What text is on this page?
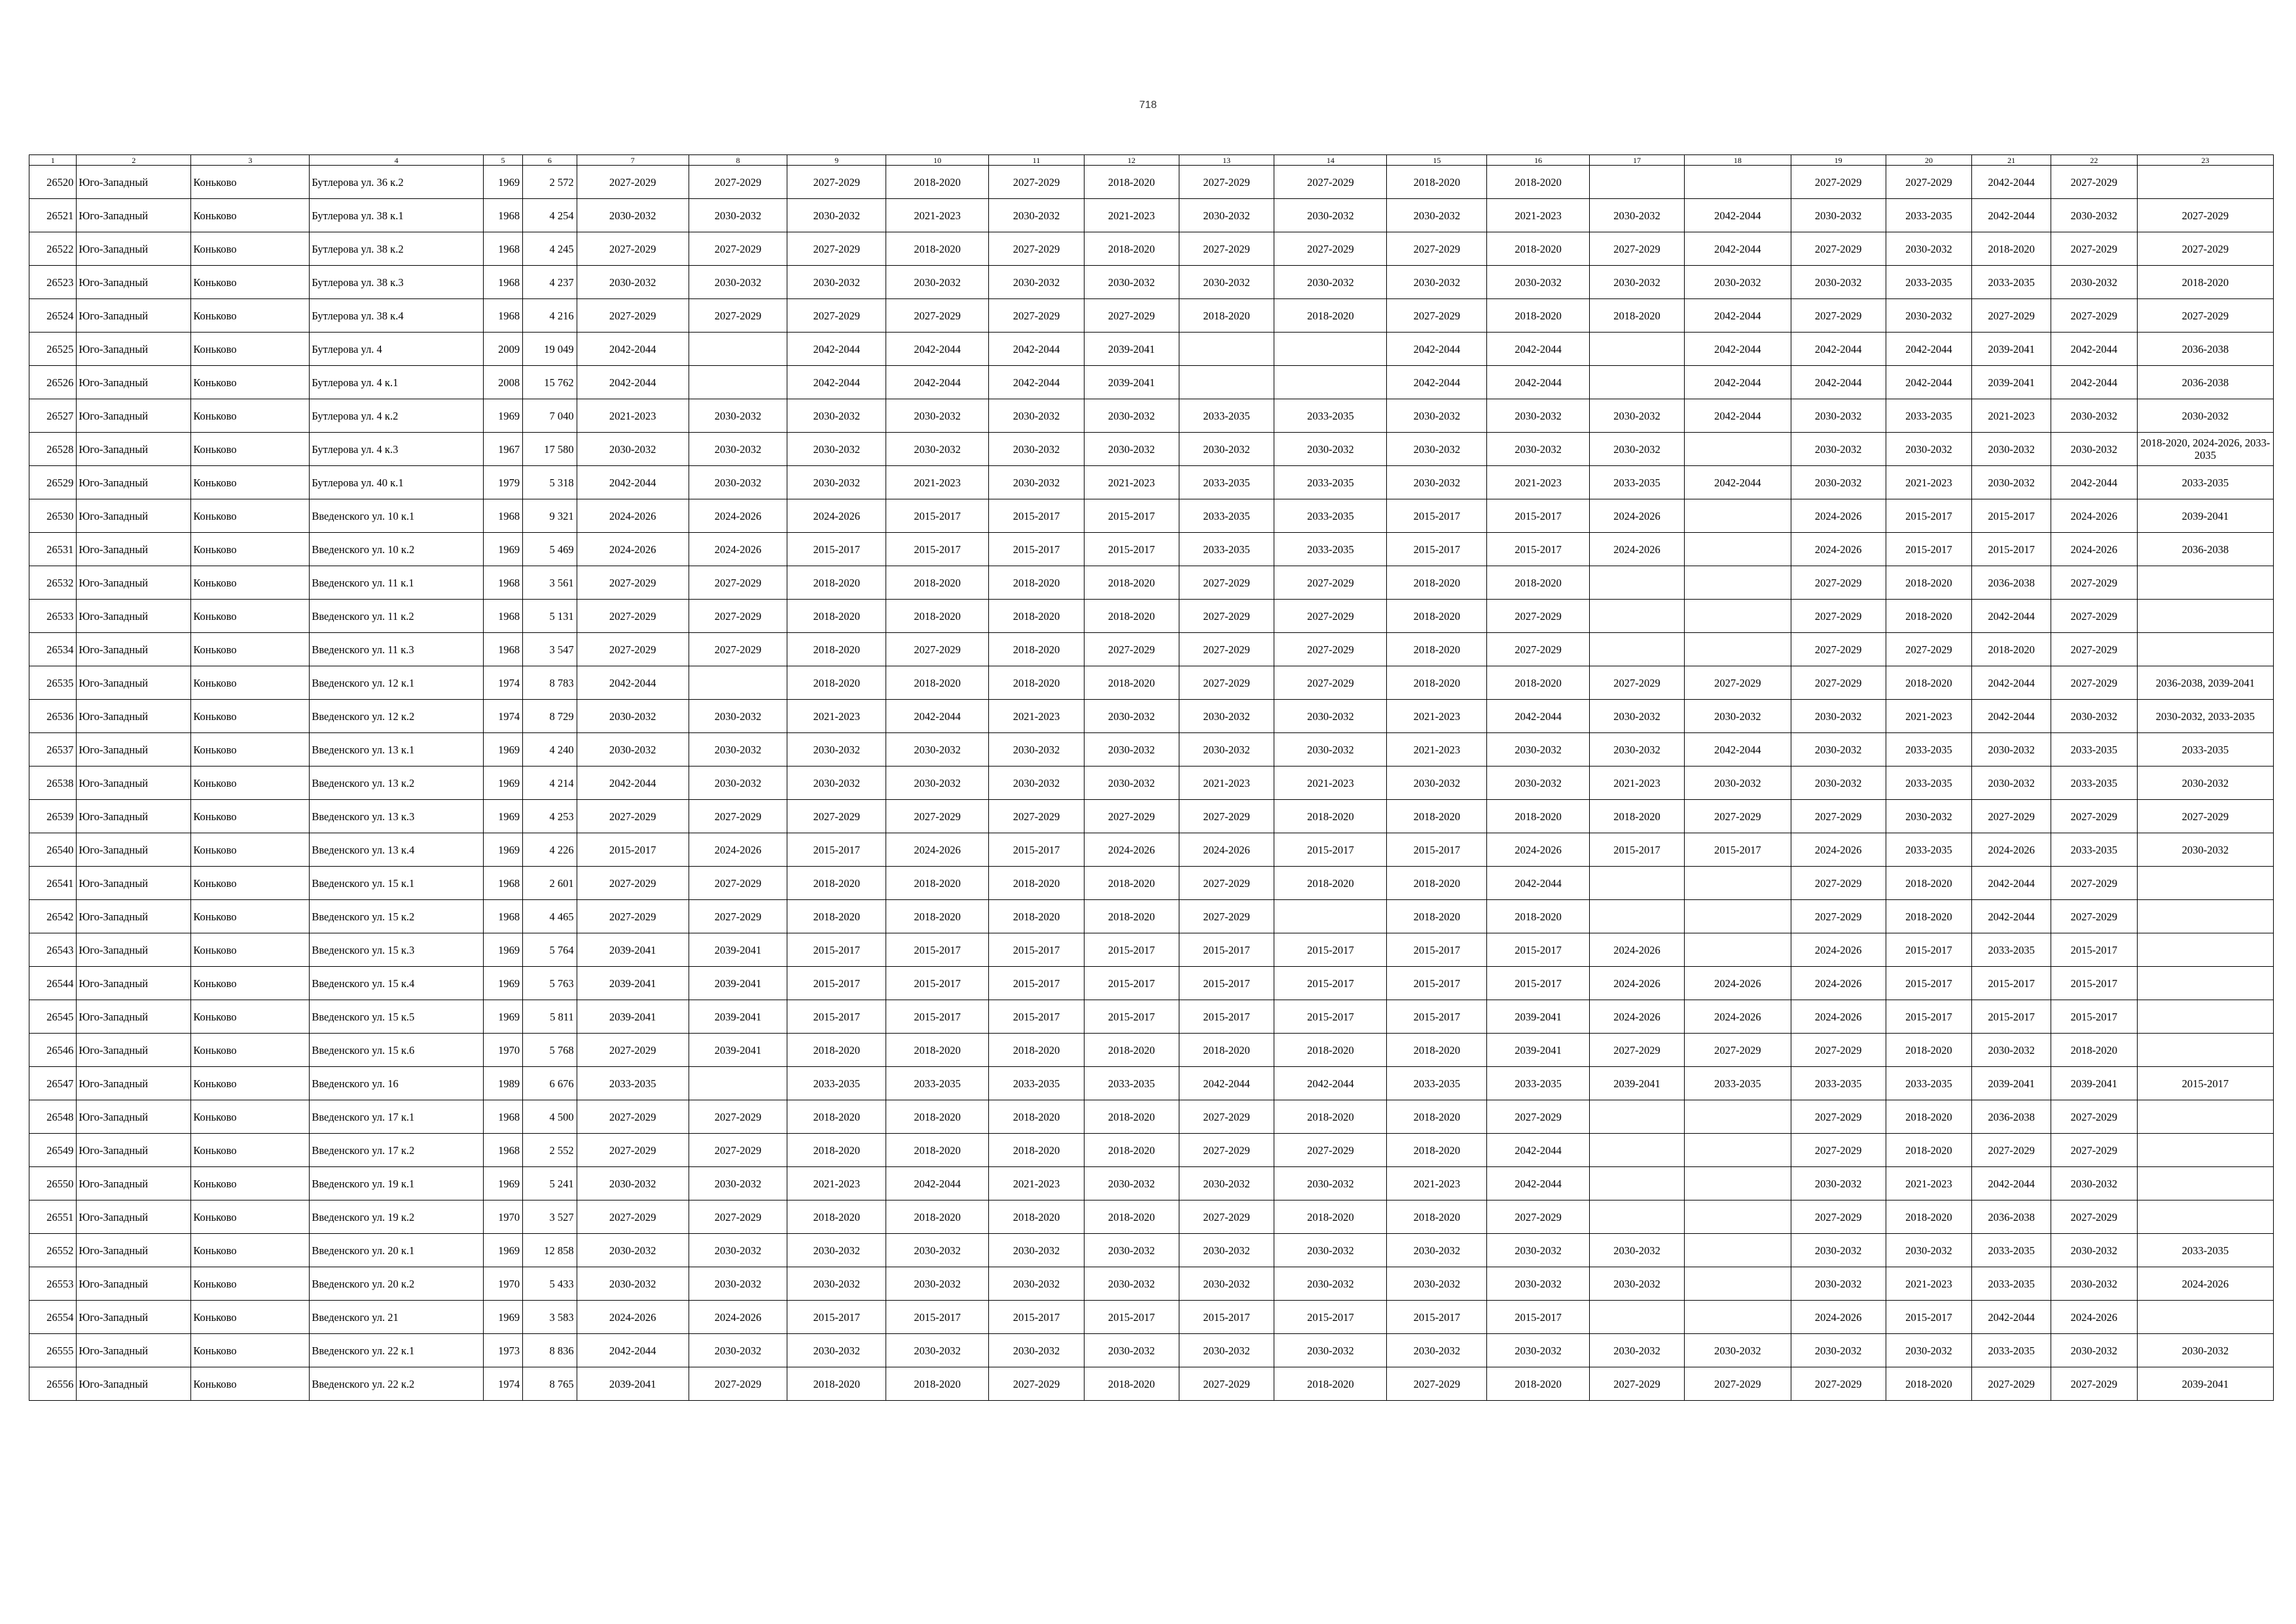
718
1	2	3	4	5	6	7	8	9	10	11	12	13	14	15	16	17	18	19	20	21	22	23
26520	Юго-Западный	Коньково	Бутлерова ул. 36 к.2	1969	2 572	2027-2029	2027-2029	2027-2029	2018-2020	2027-2029	2018-2020	2027-2029	2027-2029	2018-2020	2018-2020			2027-2029	2027-2029	2042-2044	2027-2029	
26521	Юго-Западный	Коньково	Бутлерова ул. 38 к.1	1968	4 254	2030-2032	2030-2032	2030-2032	2021-2023	2030-2032	2021-2023	2030-2032	2030-2032	2030-2032	2021-2023	2030-2032	2042-2044	2030-2032	2033-2035	2042-2044	2030-2032	2027-2029
26522	Юго-Западный	Коньково	Бутлерова ул. 38 к.2	1968	4 245	2027-2029	2027-2029	2027-2029	2018-2020	2027-2029	2018-2020	2027-2029	2027-2029	2027-2029	2018-2020	2027-2029	2042-2044	2027-2029	2030-2032	2018-2020	2027-2029	2027-2029
26523	Юго-Западный	Коньково	Бутлерова ул. 38 к.3	1968	4 237	2030-2032	2030-2032	2030-2032	2030-2032	2030-2032	2030-2032	2030-2032	2030-2032	2030-2032	2030-2032	2030-2032	2030-2032	2030-2032	2033-2035	2033-2035	2030-2032	2018-2020
26524	Юго-Западный	Коньково	Бутлерова ул. 38 к.4	1968	4 216	2027-2029	2027-2029	2027-2029	2027-2029	2027-2029	2027-2029	2018-2020	2018-2020	2027-2029	2018-2020	2018-2020	2042-2044	2027-2029	2030-2032	2027-2029	2027-2029	2027-2029
26525	Юго-Западный	Коньково	Бутлерова ул. 4	2009	19 049	2042-2044		2042-2044	2042-2044	2042-2044	2039-2041			2042-2044	2042-2044		2042-2044	2042-2044	2042-2044	2039-2041	2042-2044	2036-2038
26526	Юго-Западный	Коньково	Бутлерова ул. 4 к.1	2008	15 762	2042-2044		2042-2044	2042-2044	2042-2044	2039-2041			2042-2044	2042-2044		2042-2044	2042-2044	2042-2044	2039-2041	2042-2044	2036-2038
26527	Юго-Западный	Коньково	Бутлерова ул. 4 к.2	1969	7 040	2021-2023	2030-2032	2030-2032	2030-2032	2030-2032	2030-2032	2033-2035	2033-2035	2030-2032	2030-2032	2030-2032	2042-2044	2030-2032	2033-2035	2021-2023	2030-2032	2030-2032
26528	Юго-Западный	Коньково	Бутлерова ул. 4 к.3	1967	17 580	2030-2032	2030-2032	2030-2032	2030-2032	2030-2032	2030-2032	2030-2032	2030-2032	2030-2032	2030-2032	2030-2032		2030-2032	2030-2032	2030-2032	2030-2032	2018-2020, 2024-2026, 2033-2035
26529	Юго-Западный	Коньково	Бутлерова ул. 40 к.1	1979	5 318	2042-2044	2030-2032	2030-2032	2021-2023	2030-2032	2021-2023	2033-2035	2033-2035	2030-2032	2021-2023	2033-2035	2042-2044	2030-2032	2021-2023	2030-2032	2042-2044	2033-2035
26530	Юго-Западный	Коньково	Введенского ул. 10 к.1	1968	9 321	2024-2026	2024-2026	2024-2026	2015-2017	2015-2017	2015-2017	2033-2035	2033-2035	2015-2017	2015-2017	2024-2026		2024-2026	2015-2017	2015-2017	2024-2026	2039-2041
26531	Юго-Западный	Коньково	Введенского ул. 10 к.2	1969	5 469	2024-2026	2024-2026	2015-2017	2015-2017	2015-2017	2015-2017	2033-2035	2033-2035	2015-2017	2015-2017	2024-2026		2024-2026	2015-2017	2015-2017	2024-2026	2036-2038
26532	Юго-Западный	Коньково	Введенского ул. 11 к.1	1968	3 561	2027-2029	2027-2029	2018-2020	2018-2020	2018-2020	2018-2020	2027-2029	2027-2029	2018-2020	2018-2020			2027-2029	2018-2020	2036-2038	2027-2029	
26533	Юго-Западный	Коньково	Введенского ул. 11 к.2	1968	5 131	2027-2029	2027-2029	2018-2020	2018-2020	2018-2020	2018-2020	2027-2029	2027-2029	2018-2020	2027-2029			2027-2029	2018-2020	2042-2044	2027-2029	
26534	Юго-Западный	Коньково	Введенского ул. 11 к.3	1968	3 547	2027-2029	2027-2029	2018-2020	2027-2029	2018-2020	2027-2029	2027-2029	2027-2029	2018-2020	2027-2029			2027-2029	2027-2029	2018-2020	2027-2029	
26535	Юго-Западный	Коньково	Введенского ул. 12 к.1	1974	8 783	2042-2044		2018-2020	2018-2020	2018-2020	2018-2020	2027-2029	2027-2029	2018-2020	2018-2020	2027-2029	2027-2029	2027-2029	2018-2020	2042-2044	2027-2029	2036-2038, 2039-2041
26536	Юго-Западный	Коньково	Введенского ул. 12 к.2	1974	8 729	2030-2032	2030-2032	2021-2023	2042-2044	2021-2023	2030-2032	2030-2032	2030-2032	2021-2023	2042-2044	2030-2032	2030-2032	2030-2032	2021-2023	2042-2044	2030-2032	2030-2032, 2033-2035
26537	Юго-Западный	Коньково	Введенского ул. 13 к.1	1969	4 240	2030-2032	2030-2032	2030-2032	2030-2032	2030-2032	2030-2032	2030-2032	2030-2032	2021-2023	2030-2032	2030-2032	2042-2044	2030-2032	2033-2035	2030-2032	2033-2035	2033-2035
26538	Юго-Западный	Коньково	Введенского ул. 13 к.2	1969	4 214	2042-2044	2030-2032	2030-2032	2030-2032	2030-2032	2030-2032	2021-2023	2021-2023	2030-2032	2030-2032	2021-2023	2030-2032	2030-2032	2033-2035	2030-2032	2033-2035	2030-2032
26539	Юго-Западный	Коньково	Введенского ул. 13 к.3	1969	4 253	2027-2029	2027-2029	2027-2029	2027-2029	2027-2029	2027-2029	2027-2029	2018-2020	2018-2020	2018-2020	2018-2020	2027-2029	2027-2029	2030-2032	2027-2029	2027-2029	2027-2029
26540	Юго-Западный	Коньково	Введенского ул. 13 к.4	1969	4 226	2015-2017	2024-2026	2015-2017	2024-2026	2015-2017	2024-2026	2024-2026	2015-2017	2015-2017	2024-2026	2015-2017	2015-2017	2024-2026	2033-2035	2024-2026	2033-2035	2030-2032
26541	Юго-Западный	Коньково	Введенского ул. 15 к.1	1968	2 601	2027-2029	2027-2029	2018-2020	2018-2020	2018-2020	2018-2020	2027-2029	2018-2020	2018-2020	2042-2044			2027-2029	2018-2020	2042-2044	2027-2029	
26542	Юго-Западный	Коньково	Введенского ул. 15 к.2	1968	4 465	2027-2029	2027-2029	2018-2020	2018-2020	2018-2020	2018-2020	2027-2029		2018-2020	2018-2020			2027-2029	2018-2020	2042-2044	2027-2029	
26543	Юго-Западный	Коньково	Введенского ул. 15 к.3	1969	5 764	2039-2041	2039-2041	2015-2017	2015-2017	2015-2017	2015-2017	2015-2017	2015-2017	2015-2017	2015-2017	2024-2026		2024-2026	2015-2017	2033-2035	2015-2017	
26544	Юго-Западный	Коньково	Введенского ул. 15 к.4	1969	5 763	2039-2041	2039-2041	2015-2017	2015-2017	2015-2017	2015-2017	2015-2017	2015-2017	2015-2017	2015-2017	2024-2026	2024-2026	2024-2026	2015-2017	2015-2017	2015-2017	
26545	Юго-Западный	Коньково	Введенского ул. 15 к.5	1969	5 811	2039-2041	2039-2041	2015-2017	2015-2017	2015-2017	2015-2017	2015-2017	2015-2017	2015-2017	2039-2041	2024-2026	2024-2026	2024-2026	2015-2017	2015-2017	2015-2017	
26546	Юго-Западный	Коньково	Введенского ул. 15 к.6	1970	5 768	2027-2029	2039-2041	2018-2020	2018-2020	2018-2020	2018-2020	2018-2020	2018-2020	2018-2020	2039-2041	2027-2029	2027-2029	2027-2029	2018-2020	2030-2032	2018-2020	
26547	Юго-Западный	Коньково	Введенского ул. 16	1989	6 676	2033-2035		2033-2035	2033-2035	2033-2035	2033-2035	2042-2044	2042-2044	2033-2035	2033-2035	2039-2041	2033-2035	2033-2035	2033-2035	2039-2041	2039-2041	2015-2017
26548	Юго-Западный	Коньково	Введенского ул. 17 к.1	1968	4 500	2027-2029	2027-2029	2018-2020	2018-2020	2018-2020	2018-2020	2027-2029	2018-2020	2018-2020	2027-2029			2027-2029	2018-2020	2036-2038	2027-2029	
26549	Юго-Западный	Коньково	Введенского ул. 17 к.2	1968	2 552	2027-2029	2027-2029	2018-2020	2018-2020	2018-2020	2018-2020	2027-2029	2027-2029	2018-2020	2042-2044			2027-2029	2018-2020	2027-2029	2027-2029	
26550	Юго-Западный	Коньково	Введенского ул. 19 к.1	1969	5 241	2030-2032	2030-2032	2021-2023	2042-2044	2021-2023	2030-2032	2030-2032	2030-2032	2021-2023	2042-2044			2030-2032	2021-2023	2042-2044	2030-2032	
26551	Юго-Западный	Коньково	Введенского ул. 19 к.2	1970	3 527	2027-2029	2027-2029	2018-2020	2018-2020	2018-2020	2018-2020	2027-2029	2018-2020	2018-2020	2027-2029			2027-2029	2018-2020	2036-2038	2027-2029	
26552	Юго-Западный	Коньково	Введенского ул. 20 к.1	1969	12 858	2030-2032	2030-2032	2030-2032	2030-2032	2030-2032	2030-2032	2030-2032	2030-2032	2030-2032	2030-2032	2030-2032		2030-2032	2030-2032	2033-2035	2030-2032	2033-2035
26553	Юго-Западный	Коньково	Введенского ул. 20 к.2	1970	5 433	2030-2032	2030-2032	2030-2032	2030-2032	2030-2032	2030-2032	2030-2032	2030-2032	2030-2032	2030-2032	2030-2032		2030-2032	2021-2023	2033-2035	2030-2032	2024-2026
26554	Юго-Западный	Коньково	Введенского ул. 21	1969	3 583	2024-2026	2024-2026	2015-2017	2015-2017	2015-2017	2015-2017	2015-2017	2015-2017	2015-2017	2015-2017			2024-2026	2015-2017	2042-2044	2024-2026	
26555	Юго-Западный	Коньково	Введенского ул. 22 к.1	1973	8 836	2042-2044	2030-2032	2030-2032	2030-2032	2030-2032	2030-2032	2030-2032	2030-2032	2030-2032	2030-2032	2030-2032	2030-2032	2030-2032	2030-2032	2033-2035	2030-2032	2030-2032
26556	Юго-Западный	Коньково	Введенского ул. 22 к.2	1974	8 765	2039-2041	2027-2029	2018-2020	2018-2020	2027-2029	2018-2020	2027-2029	2018-2020	2027-2029	2018-2020	2027-2029	2027-2029	2027-2029	2018-2020	2027-2029	2027-2029	2039-2041
